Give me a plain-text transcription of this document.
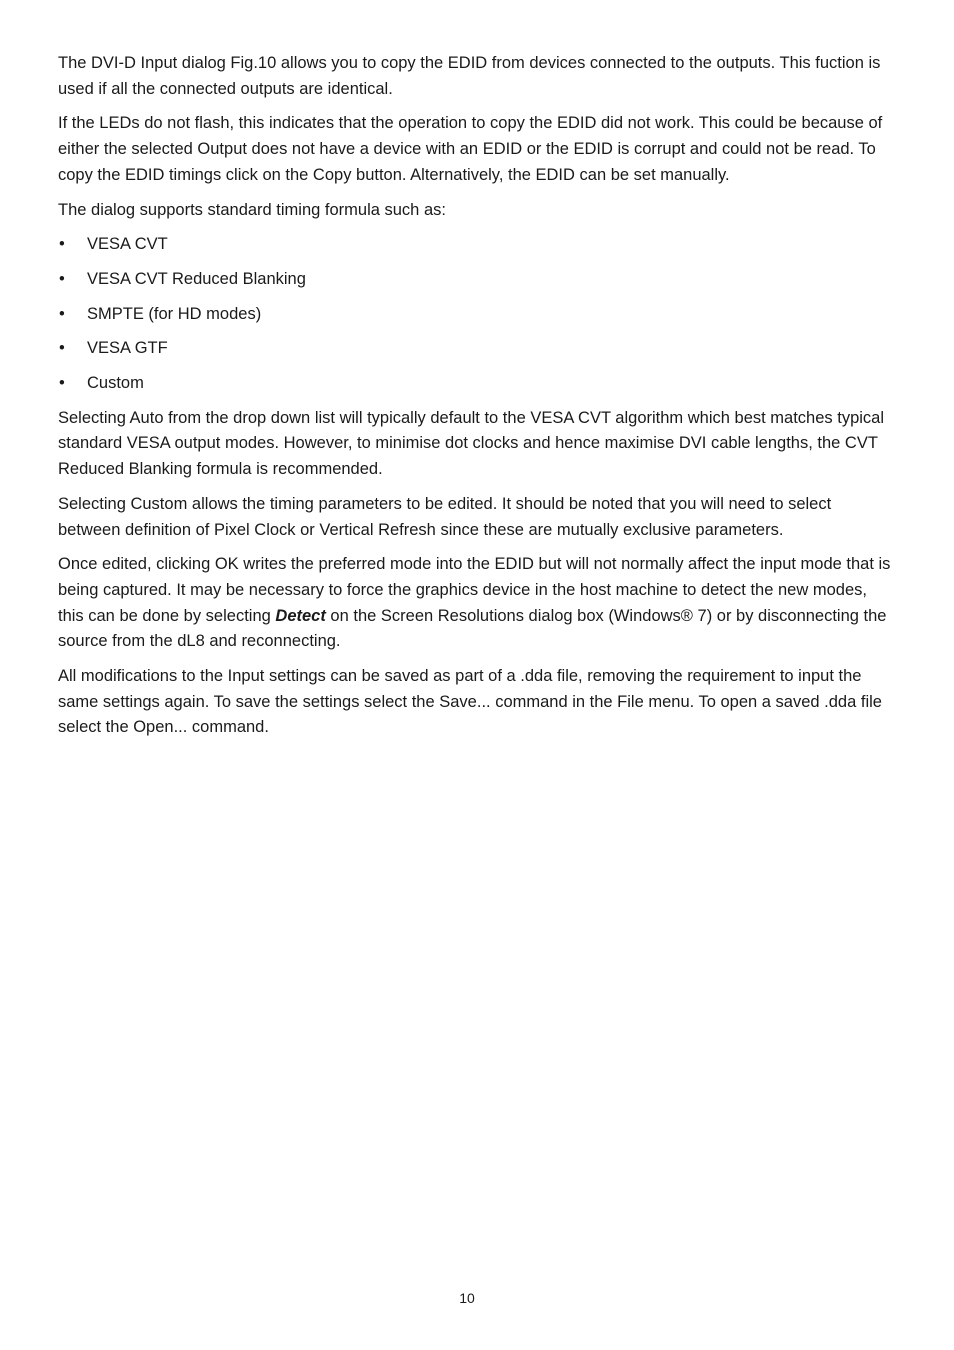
The DVI-D Input dialog Fig.10 allows you to copy the EDID from devices connected to the outputs. This fuction is used if all the connected outputs are identical.

If the LEDs do not flash, this indicates that the operation to copy the EDID did not work. This could be because of either the selected Output does not have a device with an EDID or the EDID is corrupt and could not be read. To copy the EDID timings click on the Copy button. Alternatively, the EDID can be set manually.

The dialog supports standard timing formula such as:

• VESA CVT
• VESA CVT Reduced Blanking
• SMPTE (for HD modes)
• VESA GTF
• Custom

Selecting Auto from the drop down list will typically default to the VESA CVT algorithm which best matches typical standard VESA output modes. However, to minimise dot clocks and hence maximise DVI cable lengths, the CVT Reduced Blanking formula is recommended.

Selecting Custom allows the timing parameters to be edited. It should be noted that you will need to select between definition of Pixel Clock or Vertical Refresh since these are mutually exclusive parameters.

Once edited, clicking OK writes the preferred mode into the EDID but will not normally affect the input mode that is being captured. It may be necessary to force the graphics device in the host machine to detect the new modes, this can be done by selecting Detect on the Screen Resolutions dialog box (Windows® 7) or by disconnecting the source from the dL8 and reconnecting.

All modifications to the Input settings can be saved as part of a .dda file, removing the requirement to input the same settings again. To save the settings select the Save... command in the File menu. To open a saved .dda file select the Open... command.

10
